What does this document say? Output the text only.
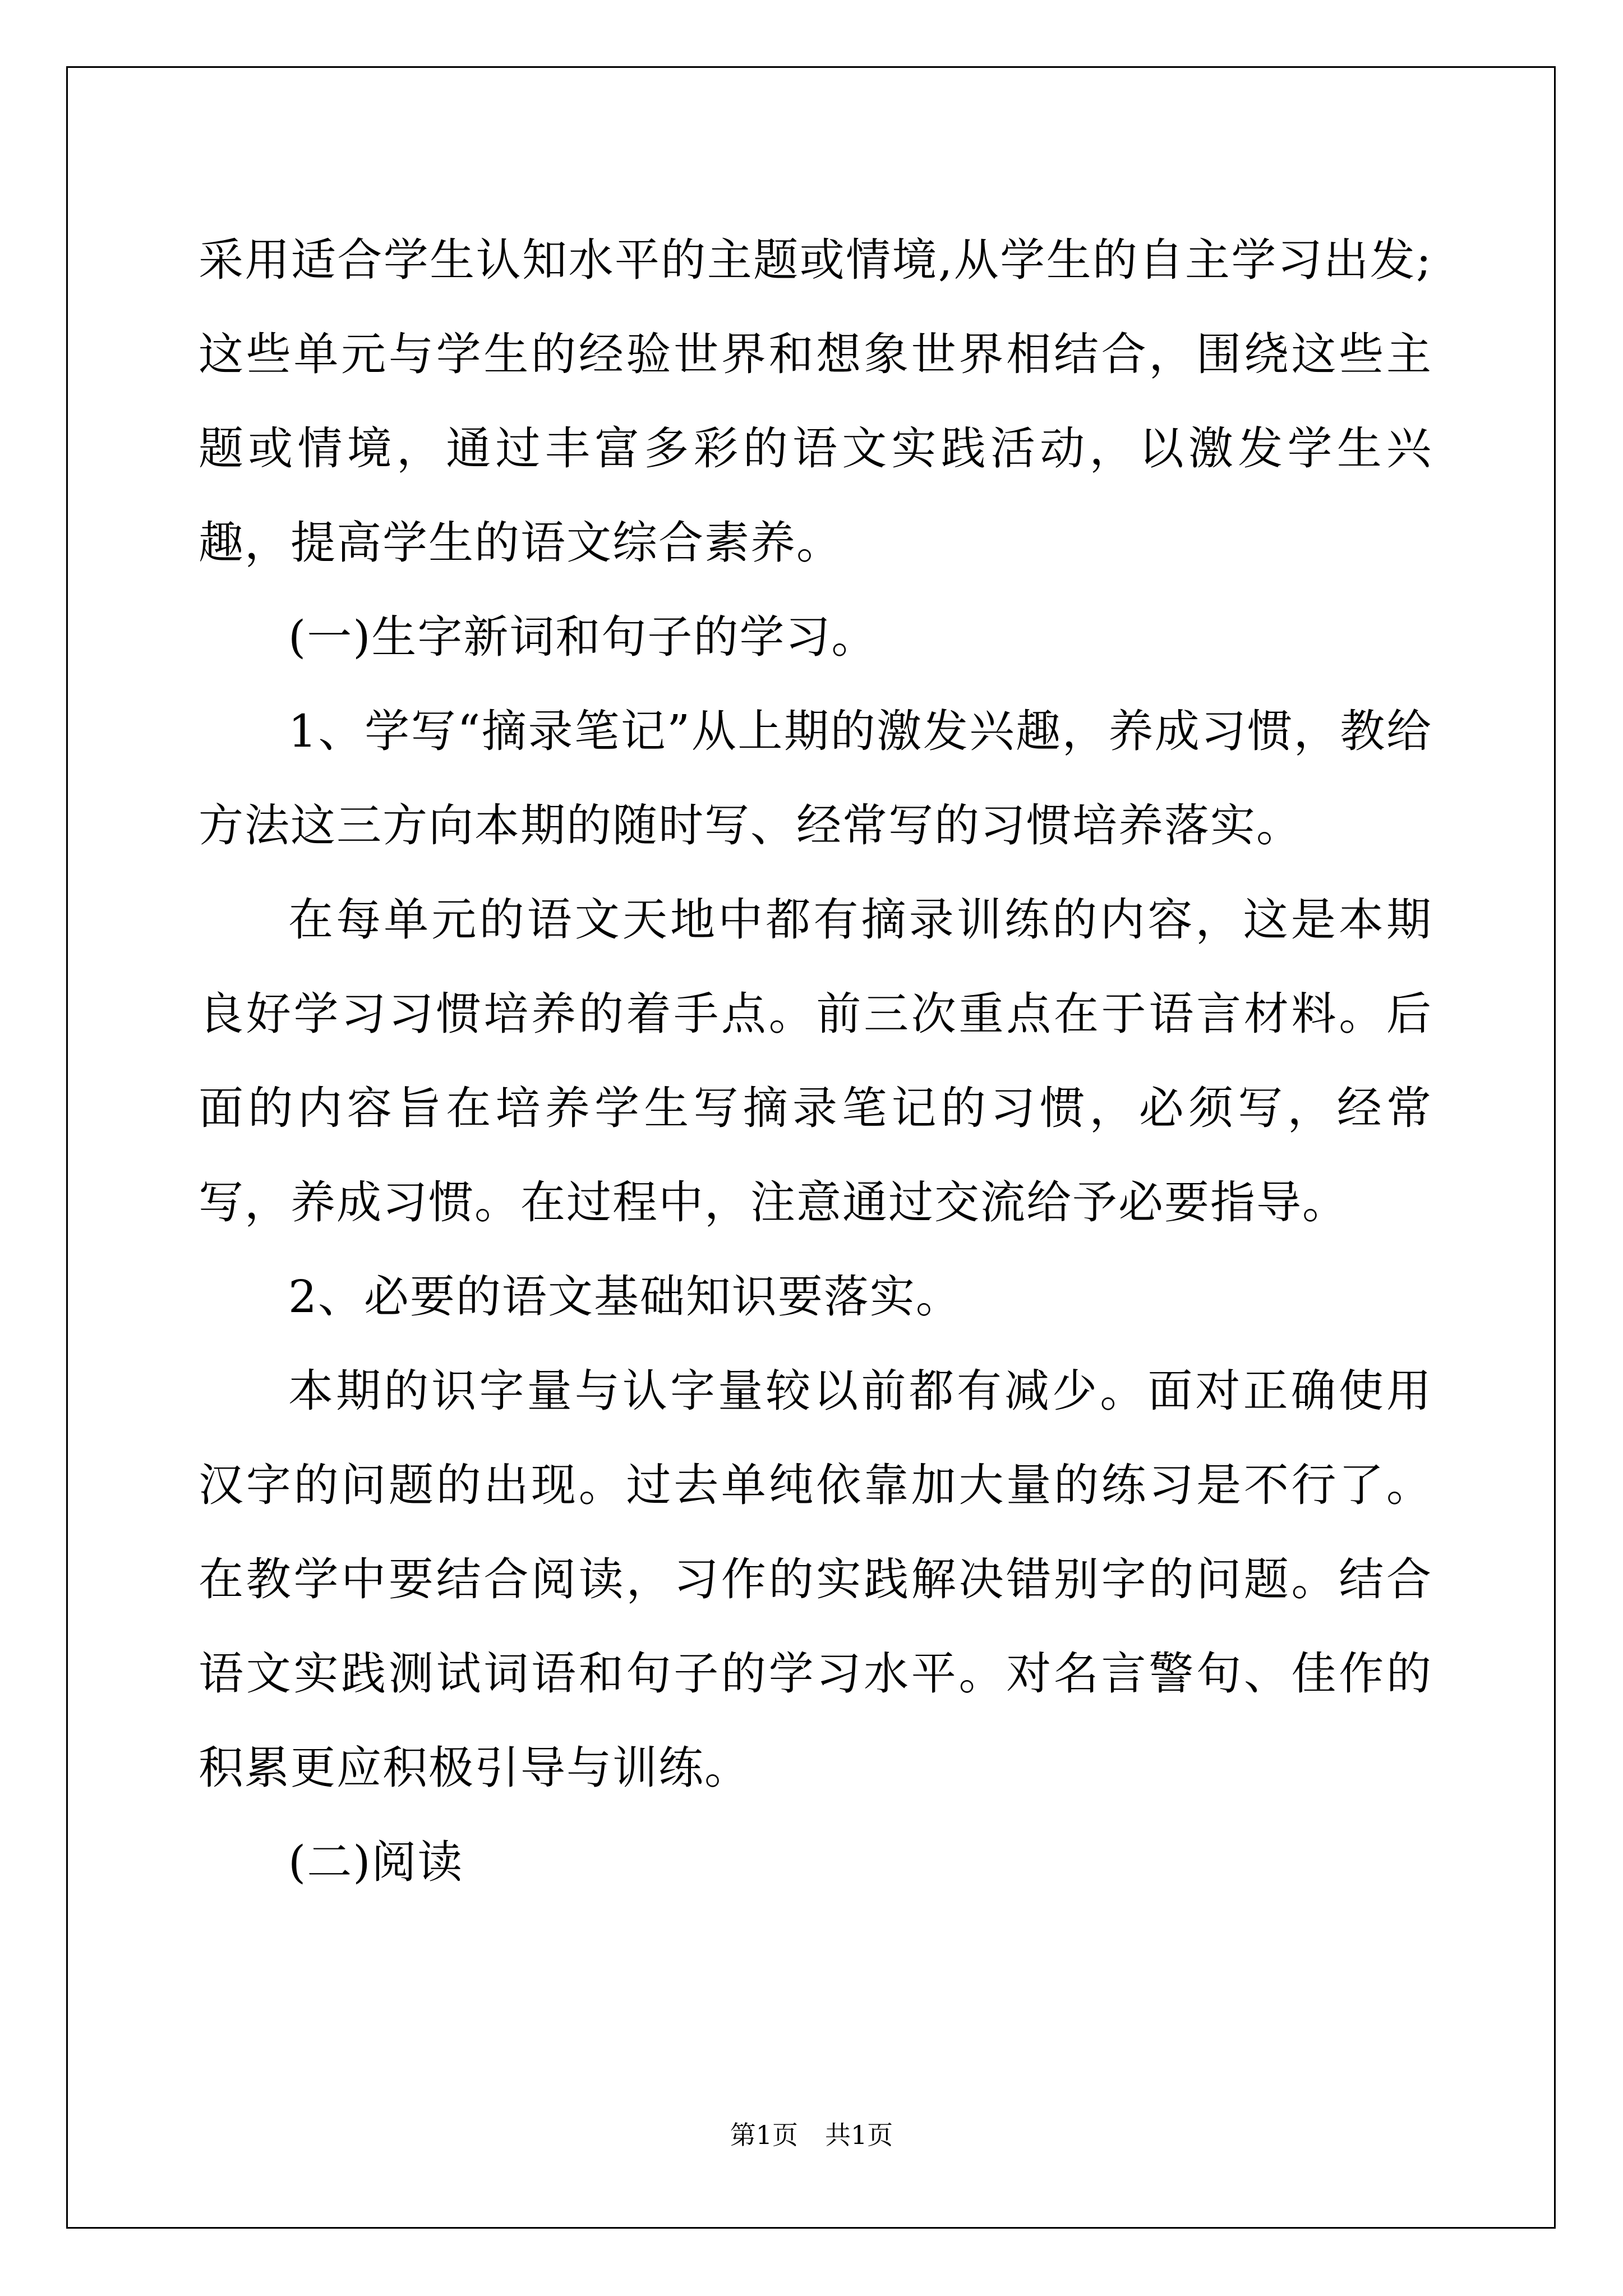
采用适合学生认知水平的主题或情境,从学生的自主学习出发;这些单元与学生的经验世界和想象世界相结合，围绕这些主题或情境，通过丰富多彩的语文实践活动，以激发学生兴趣，提高学生的语文综合素养。

(一)生字新词和句子的学习。

1、学写“摘录笔记”从上期的激发兴趣，养成习惯，教给方法这三方向本期的随时写、经常写的习惯培养落实。

在每单元的语文天地中都有摘录训练的内容，这是本期良好学习习惯培养的着手点。前三次重点在于语言材料。后面的内容旨在培养学生写摘录笔记的习惯，必须写，经常写，养成习惯。在过程中，注意通过交流给予必要指导。

2、必要的语文基础知识要落实。

本期的识字量与认字量较以前都有减少。面对正确使用汉字的问题的出现。过去单纯依靠加大量的练习是不行了。在教学中要结合阅读，习作的实践解决错别字的问题。结合语文实践测试词语和句子的学习水平。对名言警句、佳作的积累更应积极引导与训练。

(二)阅读

第1页 共1页
